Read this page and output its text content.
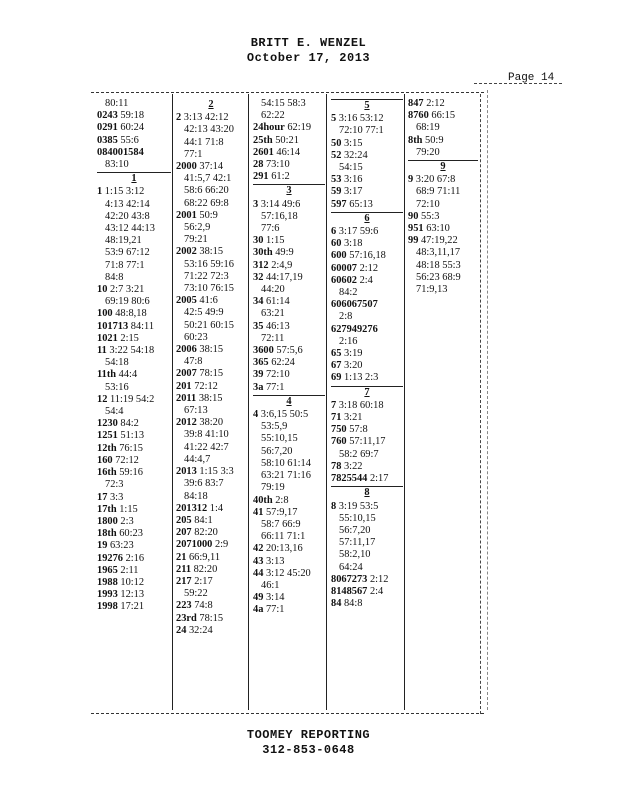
BRITT E. WENZEL
October 17, 2013
Page 14
80:11
0243 59:18
0291 60:24
0385 55:6
084001584
83:10
1
1 1:15 3:12
4:13 42:14
42:20 43:8
43:12 44:13
48:19,21
53:9 67:12
71:8 77:1
84:8
10 2:7 3:21
69:19 80:6
100 48:8,18
101713 84:11
1021 2:15
11 3:22 54:18
54:18
11th 44:4
53:16
12 11:19 54:2
54:4
1230 84:2
1251 51:13
12th 76:15
160 72:12
16th 59:16
72:3
17 3:3
17th 1:15
1800 2:3
18th 60:23
19 63:23
19276 2:16
1965 2:11
1988 10:12
1993 12:13
1998 17:21
2
2 3:13 42:12
42:13 43:20
44:1 71:8
77:1
2000 37:14
41:5,7 42:1
58:6 66:20
68:22 69:8
2001 50:9
56:2,9
79:21
2002 38:15
53:16 59:16
71:22 72:3
73:10 76:15
2005 41:6
42:5 49:9
50:21 60:15
60:23
2006 38:15
47:8
2007 78:15
201 72:12
2011 38:15
67:13
2012 38:20
39:8 41:10
41:22 42:7
44:4,7
2013 1:15 3:3
39:6 83:7
84:18
201312 1:4
205 84:1
207 82:20
2071000 2:9
21 66:9,11
211 82:20
217 2:17
59:22
223 74:8
23rd 78:15
24 32:24
54:15 58:3
62:22
24hour 62:19
25th 50:21
2601 46:14
28 73:10
291 61:2
3
3 3:14 49:6
57:16,18
77:6
30 1:15
30th 49:9
312 2:4,9
32 44:17,19
44:20
34 61:14
63:21
35 46:13
72:11
3600 57:5,6
365 62:24
39 72:10
3a 77:1
4
4 3:6,15 50:5
53:5,9
55:10,15
56:7,20
58:10 61:14
63:21 71:16
79:19
40th 2:8
41 57:9,17
58:7 66:9
66:11 71:1
42 20:13,16
43 3:13
44 3:12 45:20
46:1
49 3:14
4a 77:1
5
5 3:16 53:12
72:10 77:1
50 3:15
52 32:24
54:15
53 3:16
59 3:17
597 65:13
6
6 3:17 59:6
60 3:18
600 57:16,18
60007 2:12
60602 2:4
84:2
606067507
2:8
627949276
2:16
65 3:19
67 3:20
69 1:13 2:3
7
7 3:18 60:18
71 3:21
750 57:8
760 57:11,17
58:2 69:7
78 3:22
7825544 2:17
8
8 3:19 53:5
55:10,15
56:7,20
57:11,17
58:2,10
64:24
8067273 2:12
8148567 2:4
84 84:8
847 2:12
8760 66:15
68:19
8th 50:9
79:20
9
9 3:20 67:8
68:9 71:11
72:10
90 55:3
951 63:10
99 47:19,22
48:3,11,17
48:18 55:3
56:23 68:9
71:9,13
TOOMEY REPORTING
312-853-0648
